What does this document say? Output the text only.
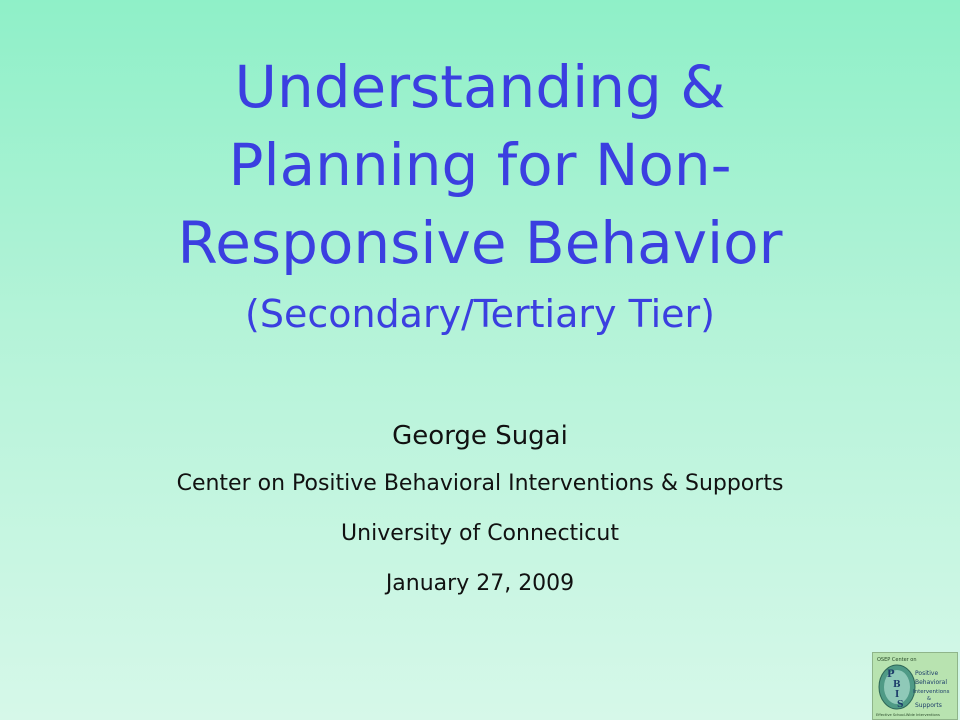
Understanding &
Planning for Non-
Responsive Behavior
(Secondary/Tertiary Tier)
George Sugai
Center on Positive Behavioral Interventions & Supports
University of Connecticut
January 27, 2009
OSEP Center on
P
B
I
S
Positive
Behavioral
Interventions
&
Supports
Effective School-Wide Interventions
